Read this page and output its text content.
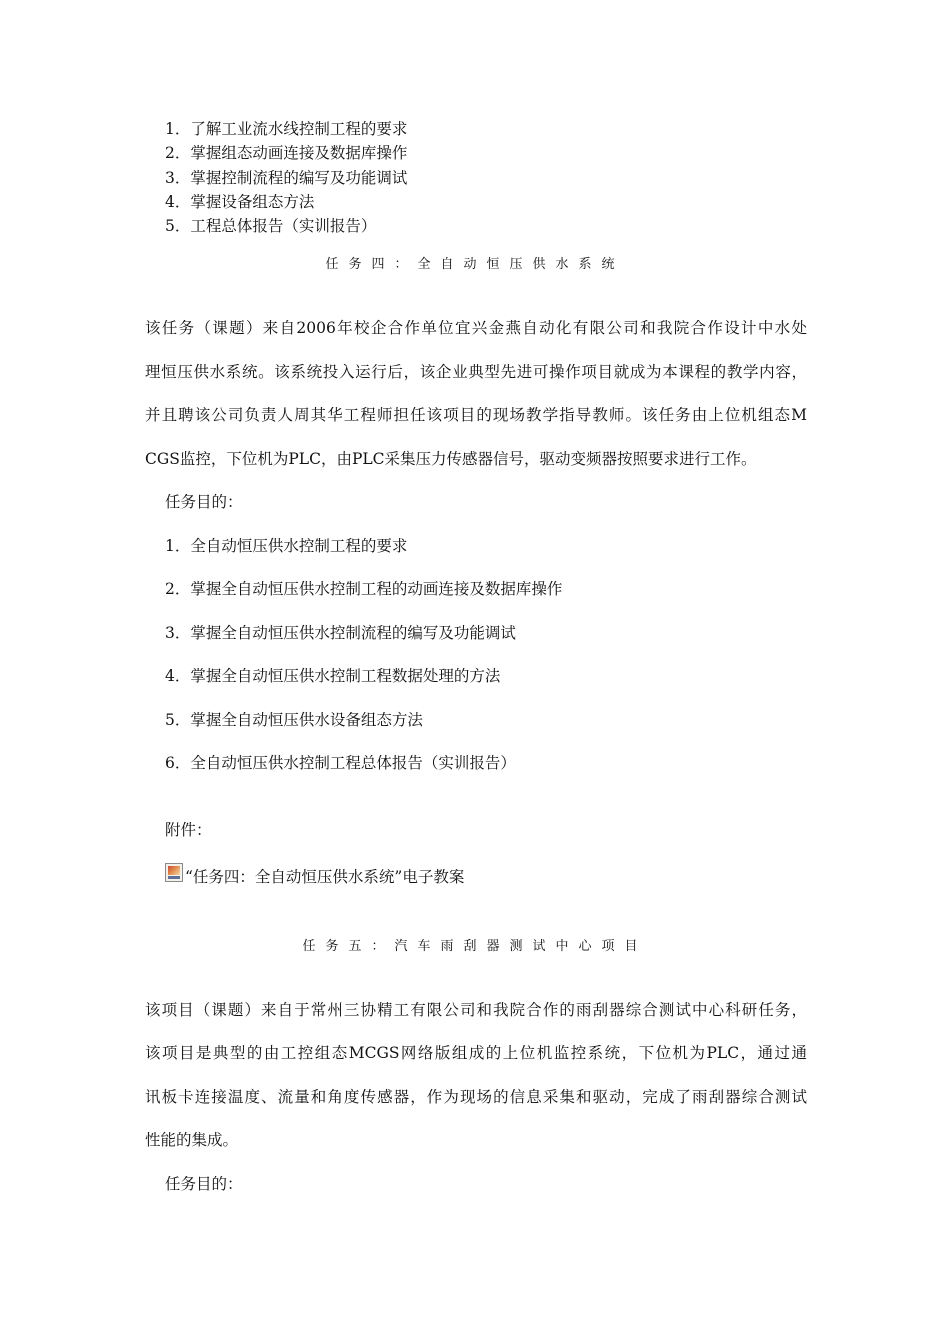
1．了解工业流水线控制工程的要求
2．掌握组态动画连接及数据库操作
3．掌握控制流程的编写及功能调试
4．掌握设备组态方法
5．工程总体报告（实训报告）
任务四：全自动恒压供水系统
该任务（课题）来自2006年校企合作单位宜兴金燕自动化有限公司和我院合作设计中水处
理恒压供水系统。该系统投入运行后，该企业典型先进可操作项目就成为本课程的教学内容，
并且聘该公司负责人周其华工程师担任该项目的现场教学指导教师。该任务由上位机组态M
CGS监控，下位机为PLC，由PLC采集压力传感器信号，驱动变频器按照要求进行工作。
任务目的：
1．全自动恒压供水控制工程的要求
2．掌握全自动恒压供水控制工程的动画连接及数据库操作
3．掌握全自动恒压供水控制流程的编写及功能调试
4．掌握全自动恒压供水控制工程数据处理的方法
5．掌握全自动恒压供水设备组态方法
6．全自动恒压供水控制工程总体报告（实训报告）
附件：
“任务四：全自动恒压供水系统”电子教案
任务五：汽车雨刮器测试中心项目
该项目（课题）来自于常州三协精工有限公司和我院合作的雨刮器综合测试中心科研任务，
该项目是典型的由工控组态MCGS网络版组成的上位机监控系统，下位机为PLC，通过通
讯板卡连接温度、流量和角度传感器，作为现场的信息采集和驱动，完成了雨刮器综合测试
性能的集成。
任务目的：
